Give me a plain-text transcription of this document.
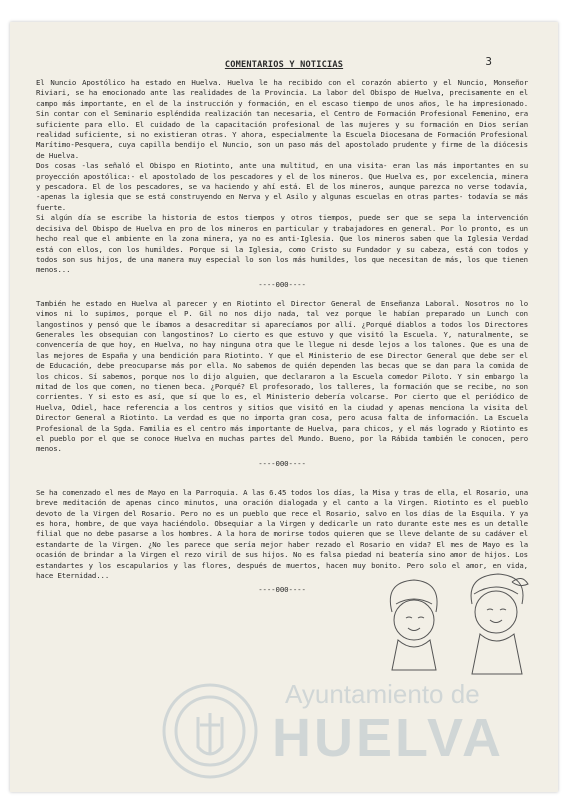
3
COMENTARIOS Y NOTICIAS

El Nuncio Apostólico ha estado en Huelva. Huelva le ha recibido con el corazón abierto y el Nuncio, Monseñor Riviari, se ha emocionado ante las realidades de la Provincia. La labor del Obispo de Huelva, precisamente en el campo más importante, en el de la instrucción y formación, en el escaso tiempo de unos años, le ha impresionado. Sin contar con el Seminario espléndida realización tan necesaria, el Centro de Formación Profesional Femenino, era suficiente para ello. El cuidado de la capacitación profesional de las mujeres y su formación en Dios serían realidad suficiente, si no existieran otras. Y ahora, especialmente la Escuela Diocesana de Formación Profesional Marítimo-Pesquera, cuya capilla bendijo el Nuncio, son un paso más del apostolado prudente y firme de la diócesis de Huelva.

Dos cosas -las señaló el Obispo en Riotinto, ante una multitud, en una visita- eran las más importantes en su proyección apostólica:- el apostolado de los pescadores y el de los mineros. Que Huelva es, por excelencia, minera y pescadora. El de los pescadores, se va haciendo y ahí está. El de los mineros, aunque parezca no verse todavía, -apenas la iglesia que se está construyendo en Nerva y el Asilo y algunas escuelas en otras partes- todavía se más fuerte.

Si algún día se escribe la historia de estos tiempos y otros tiempos, puede ser que se sepa la intervención decisiva del Obispo de Huelva en pro de los mineros en particular y trabajadores en general. Por lo pronto, es un hecho real que el ambiente en la zona minera, ya no es anti-Iglesia. Que los mineros saben que la Iglesia Verdad está con ellos, con los humildes. Porque si la Iglesia, como Cristo su Fundador y su cabeza, está con todos y todos son sus hijos, de una manera muy especial lo son los más humildes, los que necesitan de más, los que tienen menos...

----000----

También he estado en Huelva al parecer y en Riotinto el Director General de Enseñanza Laboral. Nosotros no lo vimos ni lo supimos, porque el P. Gil no nos dijo nada, tal vez porque le habían preparado un Lunch con langostinos y pensó que le íbamos a desacreditar si aparecíamos por allí. ¿Porqué diablos a todos los Directores Generales les obsequian con langostinos? Lo cierto es que estuvo y que visitó la Escuela. Y, naturalmente, se convencería de que hoy, en Huelva, no hay ninguna otra que le llegue ni desde lejos a los talones. Que es una de las mejores de España y una bendición para Riotinto. Y que el Ministerio de ese Director General que debe ser el de Educación, debe preocuparse más por ella. No sabemos de quién dependen las becas que se dan para la comida de los chicos. Sí sabemos, porque nos lo dijo alguien, que declararon a la Escuela comedor Piloto. Y sin embargo la mitad de los que comen, no tienen beca. ¿Porqué? El profesorado, los talleres, la formación que se recibe, no son corrientes. Y si esto es así, que sí que lo es, el Ministerio debería volcarse. Por cierto que el periódico de Huelva, Odiel, hace referencia a los centros y sitios que visitó en la ciudad y apenas menciona la visita del Director General a Riotinto. La verdad es que no importa gran cosa, pero acusa falta de información. La Escuela Profesional de la Sgda. Familia es el centro más importante de Huelva, para chicos, y el más logrado y Riotinto es el pueblo por el que se conoce Huelva en muchas partes del Mundo. Bueno, por la Rábida también le conocen, pero menos.

----000----

Se ha comenzado el mes de Mayo en la Parroquia. A las 6.45 todos los días, la Misa y tras de ella, el Rosario, una breve meditación de apenas cinco minutos, una oración dialogada y el canto a la Virgen. Riotinto es el pueblo devoto de la Virgen del Rosario. Pero no es un pueblo que rece el Rosario, salvo en los días de la Esquila. Y ya es hora, hombre, de que vaya haciéndolo. Obsequiar a la Virgen y dedicarle un rato durante este mes es un detalle filial que no debe pasarse a los hombres. A la hora de morirse todos quieren que se lleve delante de su cadáver el estandarte de la Virgen. ¿No les parece que sería mejor haber rezado el Rosario en vida? El mes de Mayo es la ocasión de brindar a la Virgen el rezo viril de sus hijos. No es falsa piedad ni beatería sino amor de hijos. Los estandartes y los escapularios y las flores, después de muertos, hacen muy bonito. Pero solo el amor, en vida, hace Eternidad...

----000----
Ayuntamiento de
HUELVA
